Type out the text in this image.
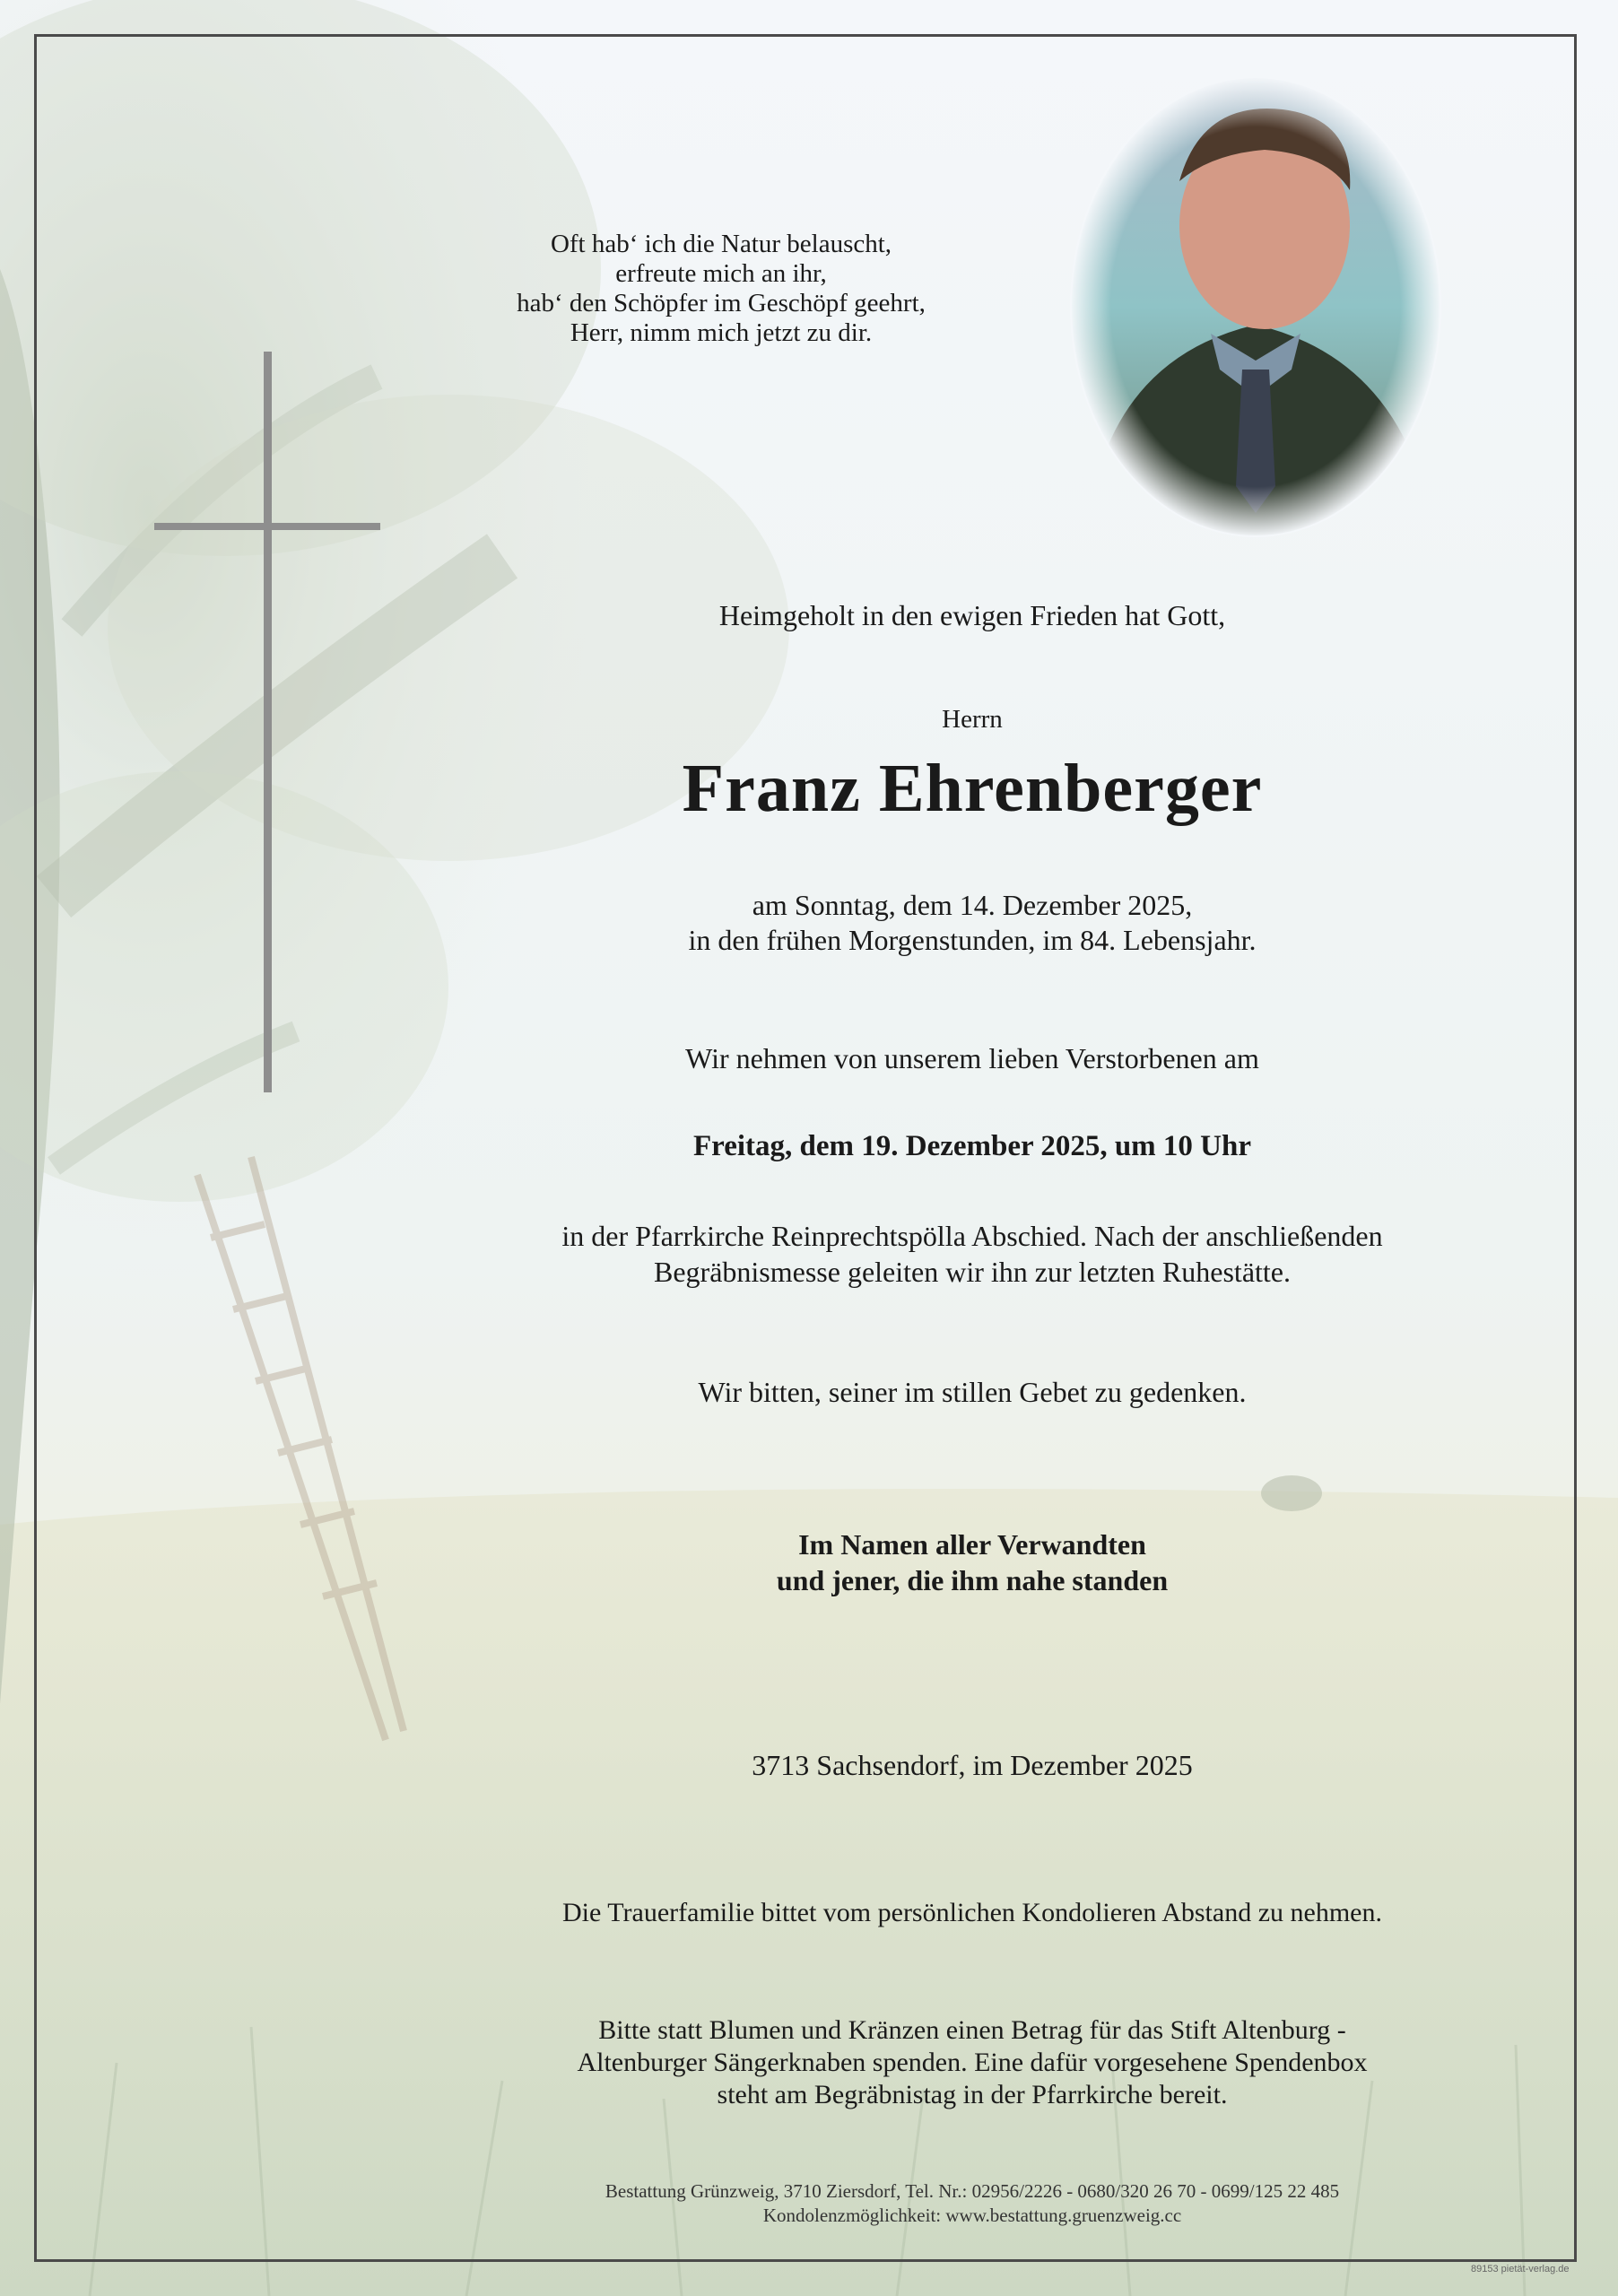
Oft hab‘ ich die Natur belauscht,
erfreute mich an ihr,
hab‘ den Schöpfer im Geschöpf geehrt,
Herr, nimm mich jetzt zu dir.
Heimgeholt in den ewigen Frieden hat Gott,
Herrn
Franz Ehrenberger
am Sonntag, dem 14. Dezember 2025,
in den frühen Morgenstunden, im 84. Lebensjahr.
Wir nehmen von unserem lieben Verstorbenen am
Freitag, dem 19. Dezember 2025, um 10 Uhr
in der Pfarrkirche Reinprechtspölla Abschied. Nach der anschließenden
Begräbnismesse geleiten wir ihn zur letzten Ruhestätte.
Wir bitten, seiner im stillen Gebet zu gedenken.
Im Namen aller Verwandten
und jener, die ihm nahe standen
3713 Sachsendorf, im Dezember 2025
Die Trauerfamilie bittet vom persönlichen Kondolieren Abstand zu nehmen.
Bitte statt Blumen und Kränzen einen Betrag für das Stift Altenburg -
Altenburger Sängerknaben spenden. Eine dafür vorgesehene Spendenbox
steht am Begräbnistag in der Pfarrkirche bereit.
Bestattung Grünzweig, 3710 Ziersdorf, Tel. Nr.: 02956/2226 - 0680/320 26 70 - 0699/125 22 485
Kondolenzmöglichkeit: www.bestattung.gruenzweig.cc
89153 pietät-verlag.de
